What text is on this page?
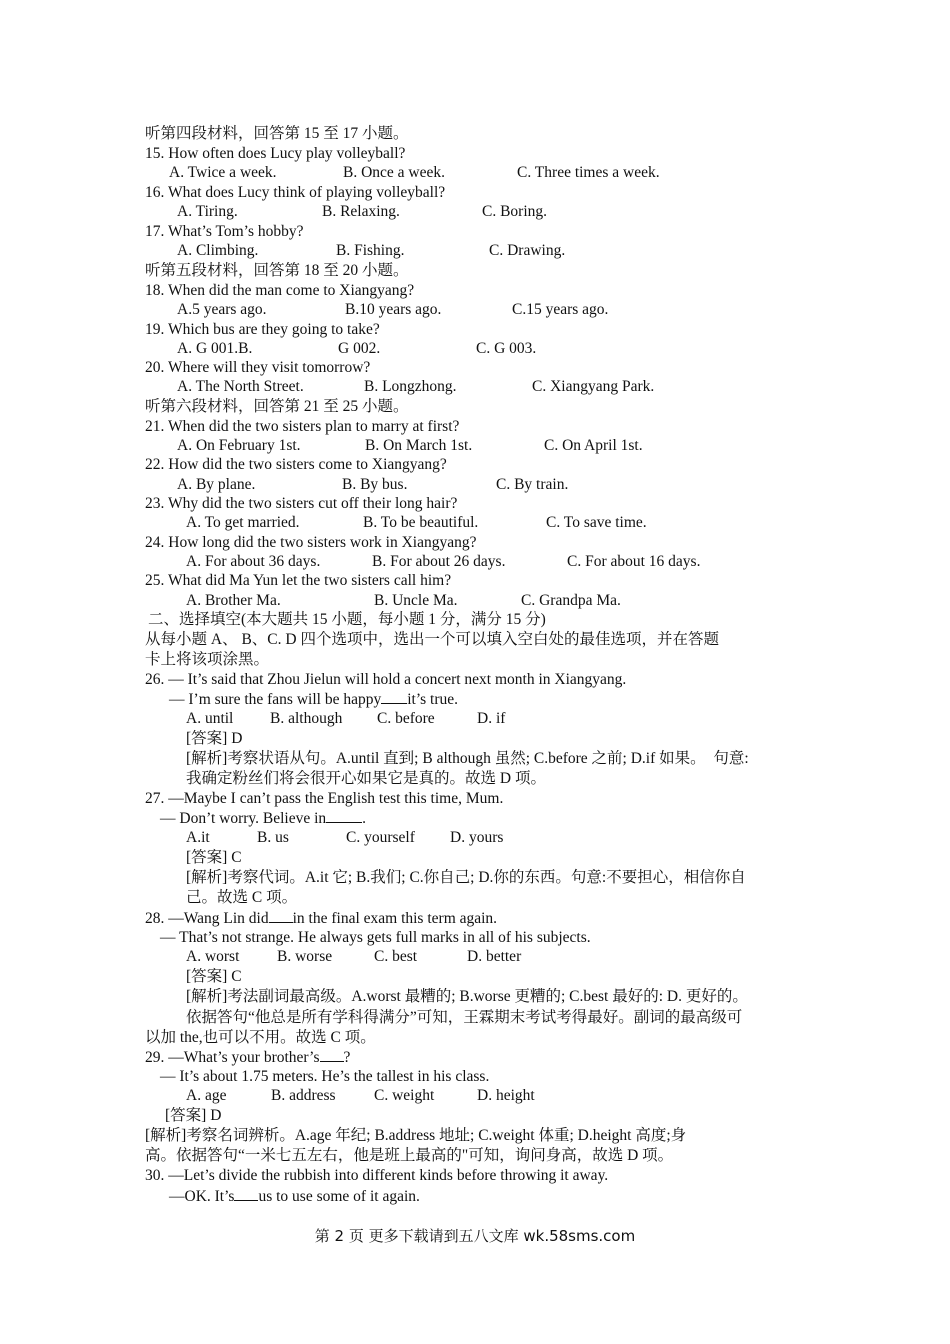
听第四段材料，回答第 15 至 17 小题。
15. How often does Lucy play volleyball?
A. Twice a week.	B. Once a week.	C. Three times a week.
16. What does Lucy think of playing volleyball?
A. Tiring.	B. Relaxing.	C. Boring.
17. What’s Tom’s hobby?
A. Climbing.	B. Fishing.	C. Drawing.
听第五段材料，回答第 18 至 20 小题。
18. When did the man come to Xiangyang?
A.5 years ago.	B.10 years ago.	C.15 years ago.
19. Which bus are they going to take?
A. G 001.B.	G 002.	C. G 003.
20. Where will they visit tomorrow?
A. The North Street.	B. Longzhong.	C. Xiangyang Park.
听第六段材料，回答第 21 至 25 小题。
21. When did the two sisters plan to marry at first?
A. On February 1st.	B. On March 1st.	C. On April 1st.
22. How did the two sisters come to Xiangyang?
A. By plane.	B. By bus.	C. By train.
23. Why did the two sisters cut off their long hair?
A. To get married.	B. To be beautiful.	C. To save time.
24. How long did the two sisters work in Xiangyang?
A. For about 36 days.	B. For about 26 days.	C. For about 16 days.
25. What did Ma Yun let the two sisters call him?
A. Brother Ma.	B. Uncle Ma.	C. Grandpa Ma.
二、选择填空(本大题共 15 小题，每小题 1 分，满分 15 分)
从每小题 A、 B、C. D 四个选项中，选出一个可以填入空白处的最佳选项，并在答题
卡上将该项涂黑。
26. — It’s said that Zhou Jielun will hold a concert next month in Xiangyang.
— I’m sure the fans will be happy it’s true.
A. until B. although C. before	D. if
[答案] D
[解析]考察状语从句。A.until 直到; B although 虽然; C.before 之前; D.if 如果。  句意:
我确定粉丝们将会很开心如果它是真的。故选 D 项。
27. —Maybe I can’t pass the English test this time, Mum.
— Don’t worry. Believe in .
A.it	B. us	C. yourself D. yours
[答案] C
[解析]考察代词。A.it 它; B.我们; C.你自己; D.你的东西。句意:不要担心，相信你自
己。故选 C 项。
28. —Wang Lin did in the final exam this term again.
— That’s not strange. He always gets full marks in all of his subjects.
A. worst B. worse	C. best	D. better
[答案] C
[解析]考法副词最高级。A.worst 最糟的; B.worse 更糟的; C.best 最好的: D. 更好的。
依据答句“他总是所有学科得满分”可知，王霖期末考试考得最好。副词的最高级可
以加 the,也可以不用。故选 C 项。
29. —What’s your brother’s ?
— It’s about 1.75 meters. He’s the tallest in his class.
A. age	B. address C. weight	D. height
[答案] D
[解析]考察名词辨析。A.age 年纪; B.address 地址; C.weight 体重; D.height 高度;身
高。依据答句“一米七五左右，他是班上最高的"可知，询问身高，故选 D 项。
30. —Let’s divide the rubbish into different kinds before throwing it away.
—OK. It’s us to use some of it again.
第 2 页 更多下载请到五八文库 wk.58sms.com
